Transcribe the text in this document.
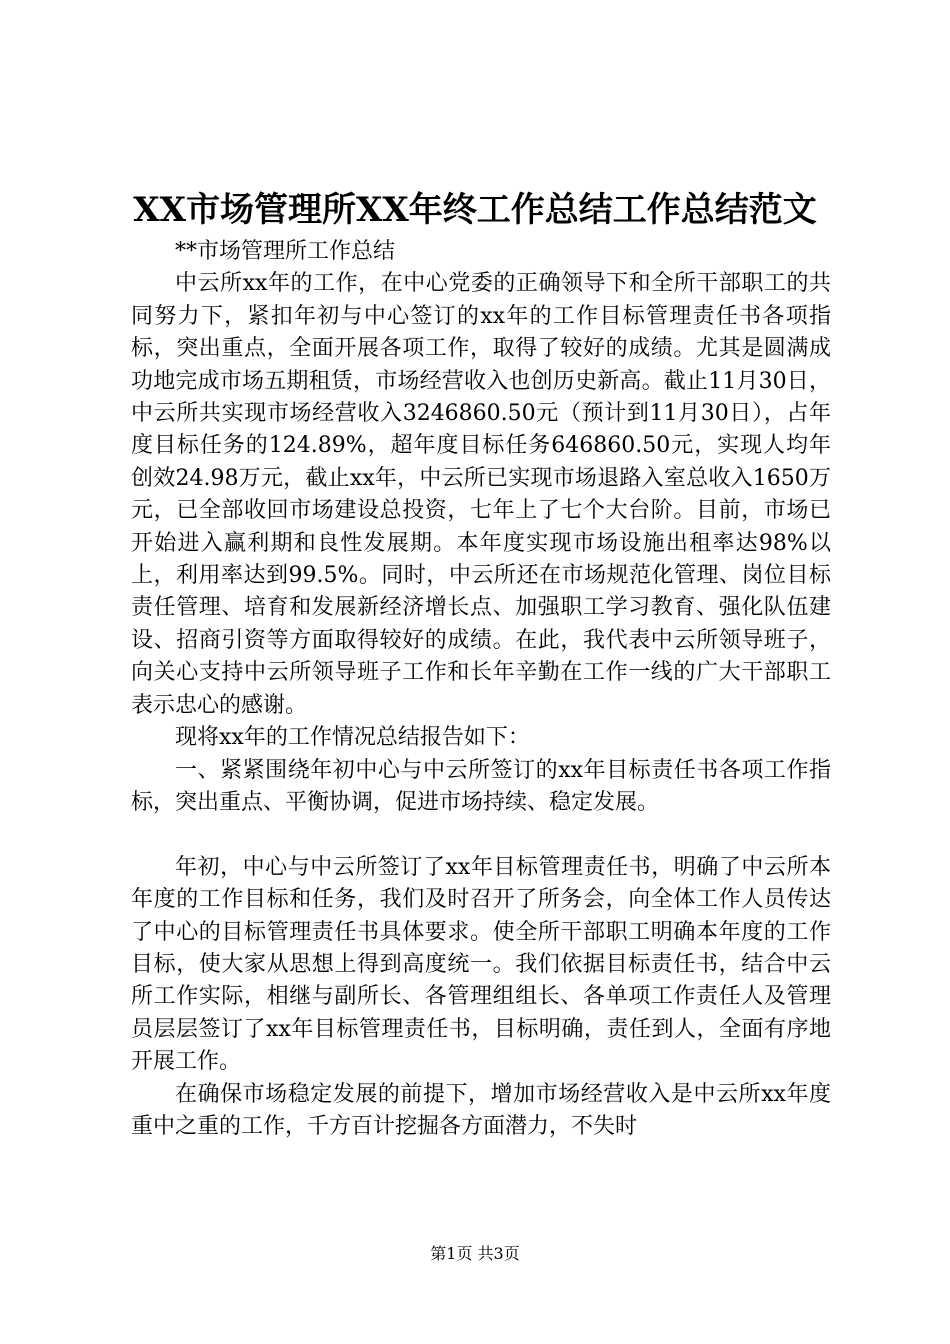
XX市场管理所XX年终工作总结工作总结范文

**市场管理所工作总结

中云所xx年的工作，在中心党委的正确领导下和全所干部职工的共同努力下，紧扣年初与中心签订的xx年的工作目标管理责任书各项指标，突出重点，全面开展各项工作，取得了较好的成绩。尤其是圆满成功地完成市场五期租赁，市场经营收入也创历史新高。截止11月30日，中云所共实现市场经营收入3246860.50元（预计到11月30日），占年度目标任务的124.89%，超年度目标任务646860.50元，实现人均年创效24.98万元，截止xx年，中云所已实现市场退路入室总收入1650万元，已全部收回市场建设总投资，七年上了七个大台阶。目前，市场已开始进入赢利期和良性发展期。本年度实现市场设施出租率达98%以上，利用率达到99.5%。同时，中云所还在市场规范化管理、岗位目标责任管理、培育和发展新经济增长点、加强职工学习教育、强化队伍建设、招商引资等方面取得较好的成绩。在此，我代表中云所领导班子，向关心支持中云所领导班子工作和长年辛勤在工作一线的广大干部职工表示忠心的感谢。

现将xx年的工作情况总结报告如下：

一、紧紧围绕年初中心与中云所签订的xx年目标责任书各项工作指标，突出重点、平衡协调，促进市场持续、稳定发展。

年初，中心与中云所签订了xx年目标管理责任书，明确了中云所本年度的工作目标和任务，我们及时召开了所务会，向全体工作人员传达了中心的目标管理责任书具体要求。使全所干部职工明确本年度的工作目标，使大家从思想上得到高度统一。我们依据目标责任书，结合中云所工作实际，相继与副所长、各管理组组长、各单项工作责任人及管理员层层签订了xx年目标管理责任书，目标明确，责任到人，全面有序地开展工作。

在确保市场稳定发展的前提下，增加市场经营收入是中云所xx年度重中之重的工作，千方百计挖掘各方面潜力，不失时

第1页 共3页
